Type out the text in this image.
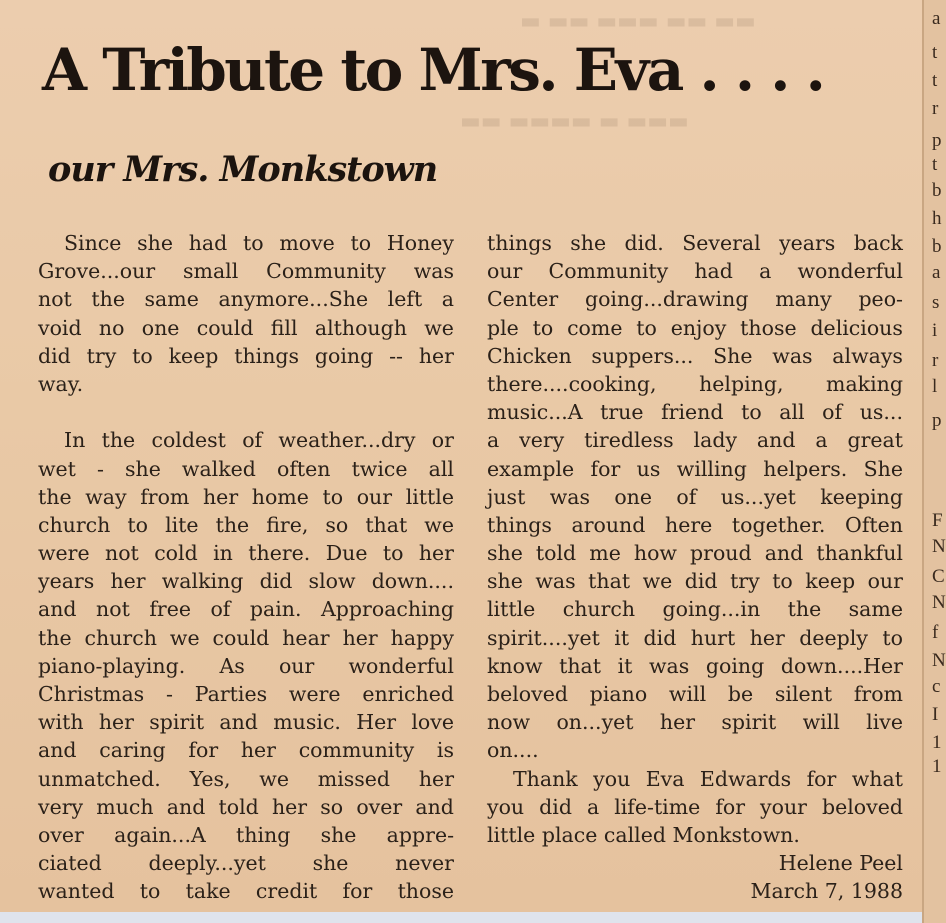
▬ ▬▬ ▬▬▬ ▬▬ ▬▬
▬▬ ▬▬▬▬ ▬ ▬▬▬
A Tribute to Mrs. Eva . . . .
our Mrs. Monkstown
Since she had to move to Honey
Grove...our small Community was
not the same anymore...She left a
void no one could fill although we
did try to keep things going -- her
way.
In the coldest of weather...dry or
wet - she walked often twice all
the way from her home to our little
church to lite the fire, so that we
were not cold in there. Due to her
years her walking did slow down....
and not free of pain. Approaching
the church we could hear her happy
piano-playing. As our wonderful
Christmas - Parties were enriched
with her spirit and music. Her love
and caring for her community is
unmatched. Yes, we missed her
very much and told her so over and
over again...A thing she appre-
ciated deeply...yet she never
wanted to take credit for those
things she did. Several years back
our Community had a wonderful
Center going...drawing many peo-
ple to come to enjoy those delicious
Chicken suppers... She was always
there....cooking, helping, making
music...A true friend to all of us...
a very tiredless lady and a great
example for us willing helpers. She
just was one of us...yet keeping
things around here together. Often
she told me how proud and thankful
she was that we did try to keep our
little church going...in the same
spirit....yet it did hurt her deeply to
know that it was going down....Her
beloved piano will be silent from
now on...yet her spirit will live
on....
Thank you Eva Edwards for what
you did a life-time for your beloved
little place called Monkstown.
Helene Peel
March 7, 1988
a
t
t
r
p
t
b
h
b
a
s
i
r
l
p
F
N
C
N
f
N
c
I
1
1
